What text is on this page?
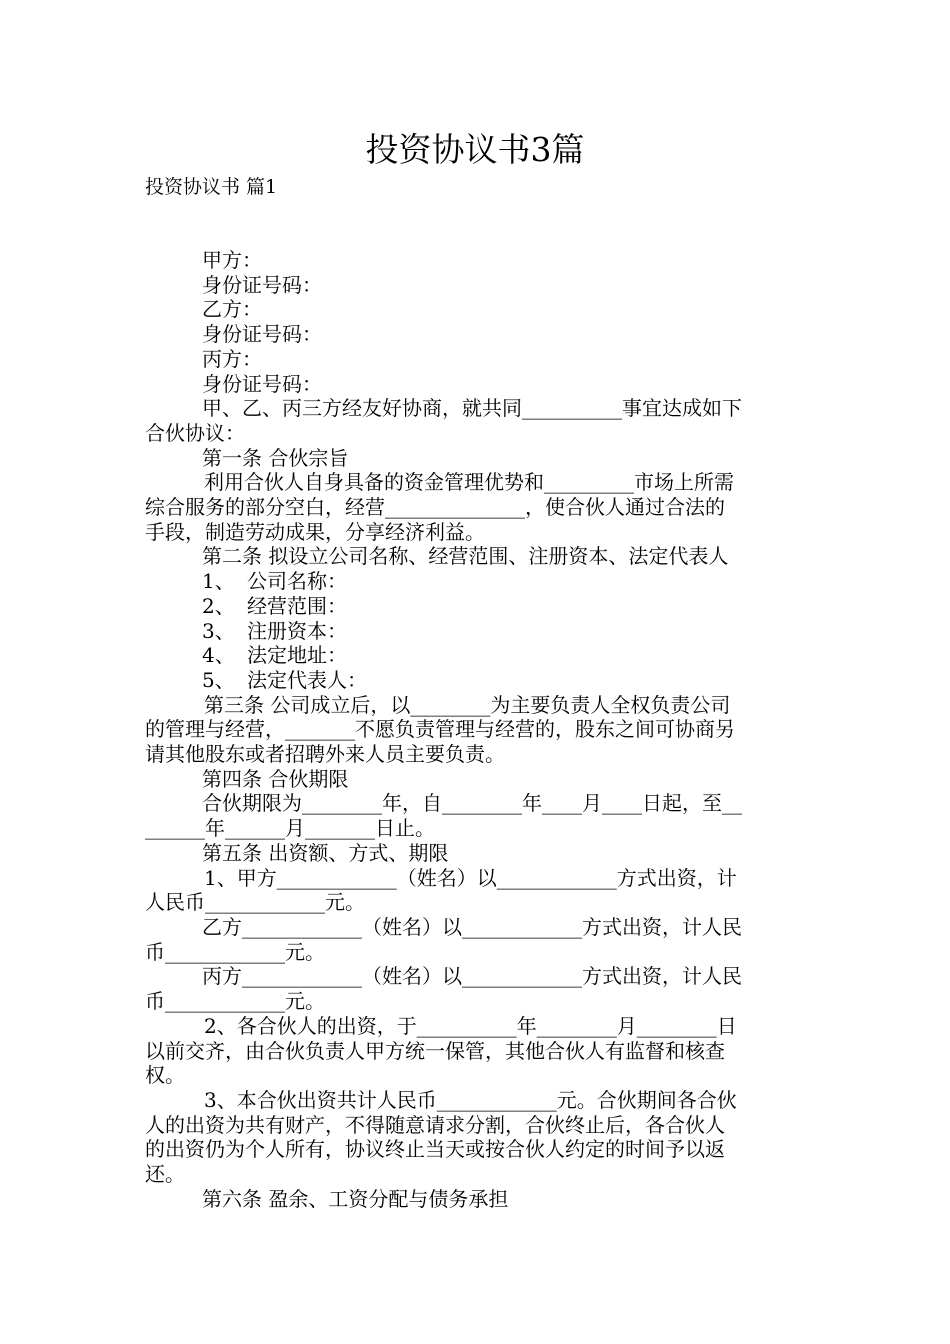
投资协议书3篇
投资协议书 篇1

甲方：

身份证号码：

乙方：

身份证号码：

丙方：

身份证号码：

甲、乙、丙三方经友好协商，就共同__________事宜达成如下

合伙协议：

第一条 合伙宗旨

利用合伙人自身具备的资金管理优势和_________市场上所需

综合服务的部分空白，经营______________，使合伙人通过合法的

手段，制造劳动成果，分享经济利益。

第二条 拟设立公司名称、经营范围、注册资本、法定代表人

1、 公司名称：

2、 经营范围：

3、 注册资本：

4、 法定地址：

5、 法定代表人：

第三条 公司成立后，以________为主要负责人全权负责公司

的管理与经营，_______不愿负责管理与经营的，股东之间可协商另

请其他股东或者招聘外来人员主要负责。

第四条 合伙期限

合伙期限为________年，自________年____月____日起，至__

______年______月_______日止。

第五条 出资额、方式、期限

1、甲方____________（姓名）以____________方式出资，计

人民币____________元。

乙方____________（姓名）以____________方式出资，计人民

币____________元。

丙方____________（姓名）以____________方式出资，计人民

币____________元。

2、各合伙人的出资，于__________年________月________日

以前交齐，由合伙负责人甲方统一保管，其他合伙人有监督和核查

权。

3、本合伙出资共计人民币____________元。合伙期间各合伙

人的出资为共有财产，不得随意请求分割，合伙终止后，各合伙人

的出资仍为个人所有，协议终止当天或按合伙人约定的时间予以返

还。

第六条 盈余、工资分配与债务承担
